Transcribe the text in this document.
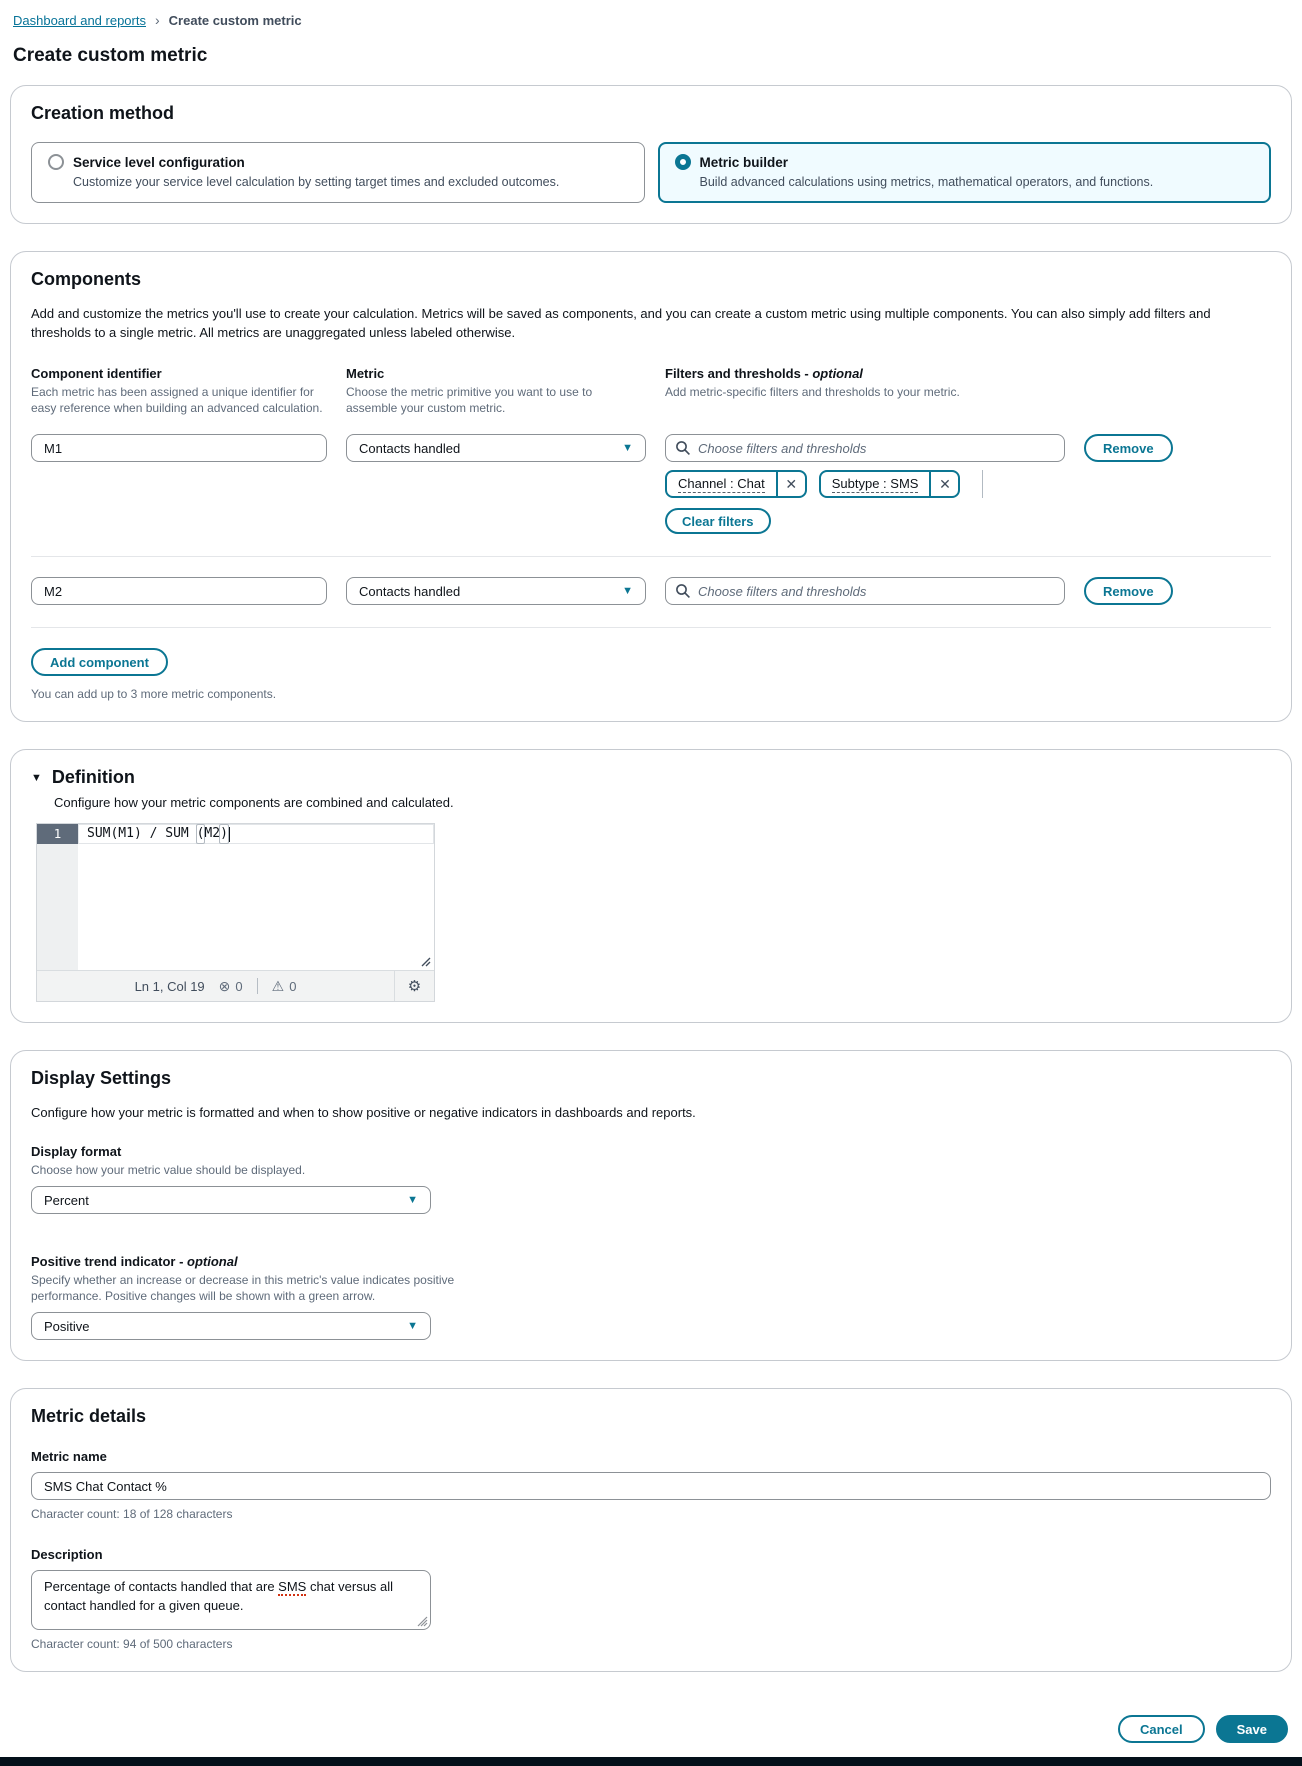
Dashboard and reports › Create custom metric
Create custom metric
Creation method
Service level configuration
Customize your service level calculation by setting target times and excluded outcomes.
Metric builder
Build advanced calculations using metrics, mathematical operators, and functions.
Components

Add and customize the metrics you'll use to create your calculation. Metrics will be saved as components, and you can create a custom metric using multiple components. You can also simply add filters and thresholds to a single metric. All metrics are unaggregated unless labeled otherwise.

Component identifier
Each metric has been assigned a unique identifier for easy reference when building an advanced calculation.
Metric
Choose the metric primitive you want to use to assemble your custom metric.
Filters and thresholds - optional
Add metric-specific filters and thresholds to your metric.
M1
Contacts handled	▼
Choose filters and thresholds	Remove
Channel : Chat	✕	Subtype : SMS	✕
Clear filters
M2
Contacts handled	▼
Choose filters and thresholds	Remove
Add component
You can add up to 3 more metric components.
▼ Definition
Configure how your metric components are combined and calculated.
1	SUM(M1) / SUM ( M2 )
Ln 1, Col 19 ⊗ 0 ⚠ 0	⚙
Display Settings

Configure how your metric is formatted and when to show positive or negative indicators in dashboards and reports.

Display format
Choose how your metric value should be displayed.
Percent	▼
Positive trend indicator - optional
Specify whether an increase or decrease in this metric's value indicates positive performance. Positive changes will be shown with a green arrow.
Positive	▼
Metric details
Metric name
SMS Chat Contact %
Character count: 18 of 128 characters
Description
Percentage of contacts handled that are SMS chat versus all contact handled for a given queue.
Character count: 94 of 500 characters
Cancel	Save
